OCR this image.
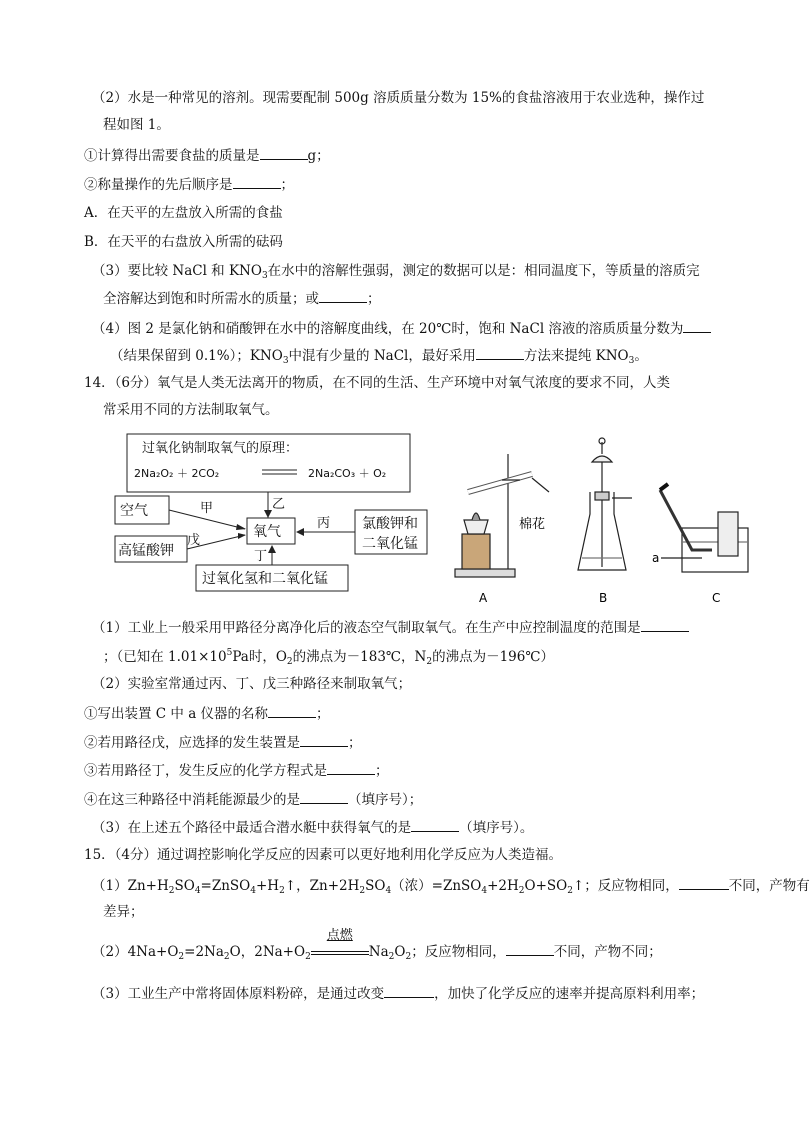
（2）水是一种常见的溶剂。现需要配制 500g 溶质质量分数为 15%的食盐溶液用于农业选种，操作过
程如图 1。
①计算得出需要食盐的质量是	g；
②称量操作的先后顺序是	；
A．在天平的左盘放入所需的食盐
B．在天平的右盘放入所需的砝码
（3）要比较 NaCl 和 $KNO_3$在水中的溶解性强弱，测定的数据可以是：相同温度下，等质量的溶质完
全溶解达到饱和时所需水的质量；或	；
（4）图 2 是氯化钠和硝酸钾在水中的溶解度曲线，在 20℃时，饱和 NaCl 溶液的溶质质量分数为
（结果保留到 0.1%）；$KNO_3$中混有少量的 NaCl，最好采用	方法来提纯 $KNO_3$。
14．（6分）氧气是人类无法离开的物质，在不同的生活、生产环境中对氧气浓度的要求不同，人类
常采用不同的方法制取氧气。
过氧化钠制取氧气的原理：
2Na₂O₂ ＋ 2CO₂	2Na₂CO₃ ＋ O₂
空气
高锰酸钾
氧气	氯酸钾和
二氧化锰
过氧化氢和二氧化锰
甲	乙
丙
丁
戊
棉花
A	B
a
C
（1）工业上一般采用甲路径分离净化后的液态空气制取氧气。在生产中应控制温度的范围是
；（已知在 $1.01\times 10^5Pa$时，$O_2$的沸点为－183℃，$N_2$的沸点为－196℃）
（2）实验室常通过丙、丁、戊三种路径来制取氧气；
①写出装置 C 中 a 仪器的名称	；
②若用路径戊，应选择的发生装置是	；
③若用路径丁，发生反应的化学方程式是	；
④在这三种路径中消耗能源最少的是	（填序号）；
（3）在上述五个路径中最适合潜水艇中获得氧气的是	（填序号）。
15．（4分）通过调控影响化学反应的因素可以更好地利用化学反应为人类造福。
$(1)Zn+H_2SO_4=ZnSO_4+H_2↑$，$Zn+2H_2SO_4$（浓）$=ZnSO_4+2H_2O+SO_2↑$；反应物相同，	不同，产物有
差异；
$(2)4Na+O_2=2Na_2O$，$2Na+O_2$
点燃
$Na_2O_2$；反应物相同，	不同，产物不同；
（3）工业生产中常将固体原料粉碎，是通过改变	，加快了化学反应的速率并提高原料利用率；
